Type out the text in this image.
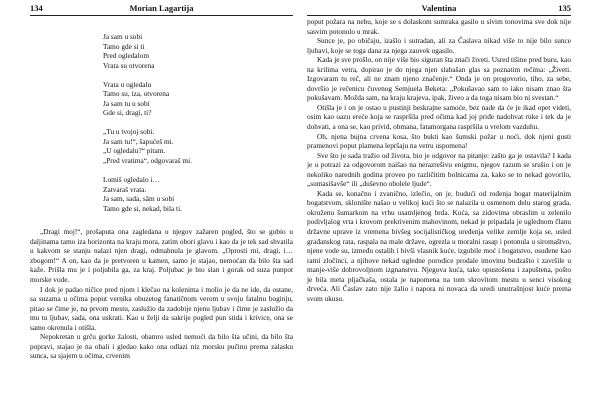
134	Morian Lagartija
Ja sam u sobi
Tamo gde si ti
Pred ogledalom
Vrata su otvorena
Vrata u ogledalu
Tamo su, iza, otvorena
Ja sam tu u sobi
Gde si, dragi, ti?
„Tu u tvojoj sobi.
Ja sam tu!“, šapućeš mi.
„U ogledalu?“ pitam.
„Pred vratima“, odgovaraš mi.
Lomiš ogledalo i…
Zatvaraš vrata.
Ja sam, sada, sâm u sobi
Tamo gde si, nekad, bila ti.

„Dragi moj!“, prošaputa ona zagledana u njegov zažaren pogled, što se gubio u daljinama tamo iza horizonta na kraju mora, zatim obori glavu i kao da je tek sad shvatila u kakvom se stanju nalazi njen dragi, odmahnula je glavom. „Oprosti mi, dragi, i… zbogom!“ A on, kao da je pretvoren u kamen, samo je stajao, nemoćan da bilo šta sad kaže. Prišla mu je i poljubila ga, za kraj. Poljubac je bio slan i gorak od suza punpot morske vode.

I dok je padao ničice pred njom i klečao na kolenima i molio je da ne ide, da ostane, sa suzama u očima poput vernika obuzetog fanatičnom verom u svoju fatalnu boginju, pitao se čime je, na prvom mestu, zaslužio da zadobije njenu ljubav i čime je zaslužio da mu tu ljubav, sada, ona uskrati. Kao u želji da sakrije pogled pun stida i krivice, ona se samo okrenula i otišla.

Nepokretan u grču gorke žalosti, obamro usled nemoći da bilo šta učini, da bilo šta popravi, stajao je na obali i gledao kako ona odlazi niz morsku pučinu prema zalasku sunca, sa sjajem u očima, crvenim

Valentina	135

poput požara na nebu, koje se s dolaskom sumraka gasilo u sivim tonovima sve dok nije sasvim potonulo u mrak.

Sunce je, po običaju, izašlo i sutradan, ali za Časlava nikad više to nije bilo sunce ljubavi, koje se toga dana za njega zauvek ugasilo.

Kada je sve prošlo, on nije više bio siguran šta znači živeti. Usred tišine pred buru, kao na krilima vetra, dopirao je do njega njen slabašan glas sa poznatim rečima: „Živeti. Izgovaram tu reč, ali ne znam njeno značenje.“ Onda je on progovorio, tiho, za sebe, dovršio je rečenicu čuvenog Semjuela Beketa: „Pokušavao sam to iako nisam znao šta pokušavam. Možda sam, na kraju krajeva, ipak, živeo a da toga nisam bio ni svestan.“

Otišla je i on je ostao u pustinji beskrajne samoće, bez nade da će je ikad opet videti, osim kao oazu ereće koja se raspršila pred očima kad joj priđe nadohvat ruke i tek da je dohvati, a ona se, kao privid, obmana, fatamorgana raspršila u vrelom vazduhu.

Oh, njena bujna crvena kosa, što bukti kao šumski požar u noći, dok njeni gusti pramenovi poput plamena lepršaju na vetru uspomena!

Sve što je sada tražio od života, bio je odgovor na pitanje: zašto ga je ostavila? I kada je u potrazi za odgovorom naišao na nerazrešivu enigmu, njegov razum se srušio i on je nekoliko narednih godina proveo po različitim bolnicama za, kako se to nekad govorilo, „sumasišavše“ ili „duševno obolele ljude“.

Kada se, konačno i zvanično, izlečio, on je, budući od rođenja bogat materijalnim bogatstvom, sklonište našao u velikoj kući što se nalazila u osmenom delu starog grada, okruženu šumarkom na vrhu usamljenog brda. Kuća, sa zidovima obraslim u zelenilo podivljalog vrta i krovom prekrivenim mahovinom, nekad je pripadala je uglednom članu državne uprave iz vremena bivšeg socijalističkog uređenja velike zemlje koja se, usled građanskog rata, raspala na male države, ogrezla u moralni rasap i potonula u siromaštvo, njene vode su, između ostalih i bivši vlasnik kuće, izgubile moć i bogatstvo, osuđene kao ratni zločinci, a njihove nekad ugledne porodice prodale imovinu budzašto i završile u manje-više dobrovoljnom izgnanstvu. Njegova kuća, tako opustošena i zapuštena, pošto je bila meta pljačkaša, ostala je napomena na tom skrovitom mestu u senci visokog drveća. Ali Časlav zato nije žalio i napora ni novaca da uredi unutrašnjost kuće prema svom ukusu.
